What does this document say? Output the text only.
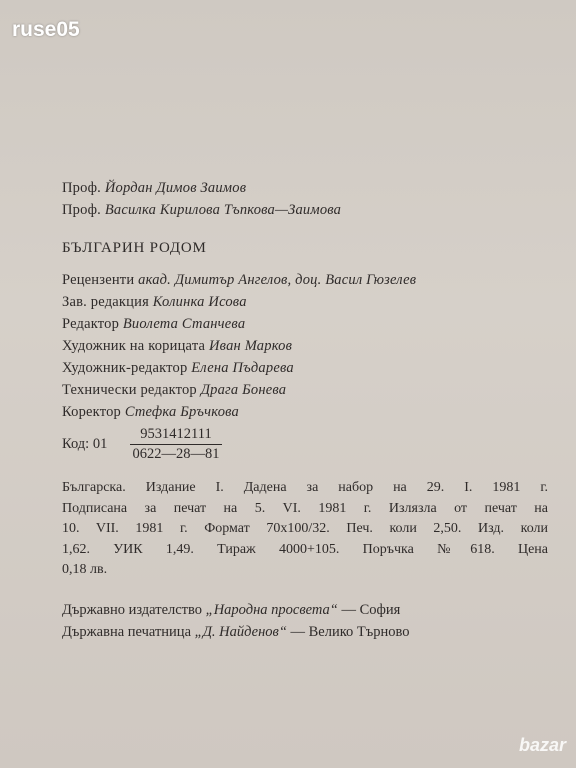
ruse05
Проф. Йордан Димов Заимов
Проф. Василка Кирилова Тъпкова—Заимова
БЪЛГАРИН РОДОМ
Рецензенти акад. Димитър Ангелов, доц. Васил Гюзелев
Зав. редакция Колинка Исова
Редактор Виолета Станчева
Художник на корицата Иван Марков
Художник-редактор Елена Пъдарева
Технически редактор Драга Бонева
Коректор Стефка Бръчкова
Код: $01 \frac{9531412111}{0622—28—81}$
Българска. Издание I. Дадена за набор на 29. I. 1981 г.
Подписана за печат на 5. VI. 1981 г. Излязла от печат на
10. VII. 1981 г. Формат 70x100/32. Печ. коли 2,50. Изд. коли
1,62. УИК 1,49. Тираж 4000+105. Поръчка №618. Цена
0,18 лв.
Държавно издателство „Народна просвета“ — София
Държавна печатница „Д. Найденов“ — Велико Търново
bazar
